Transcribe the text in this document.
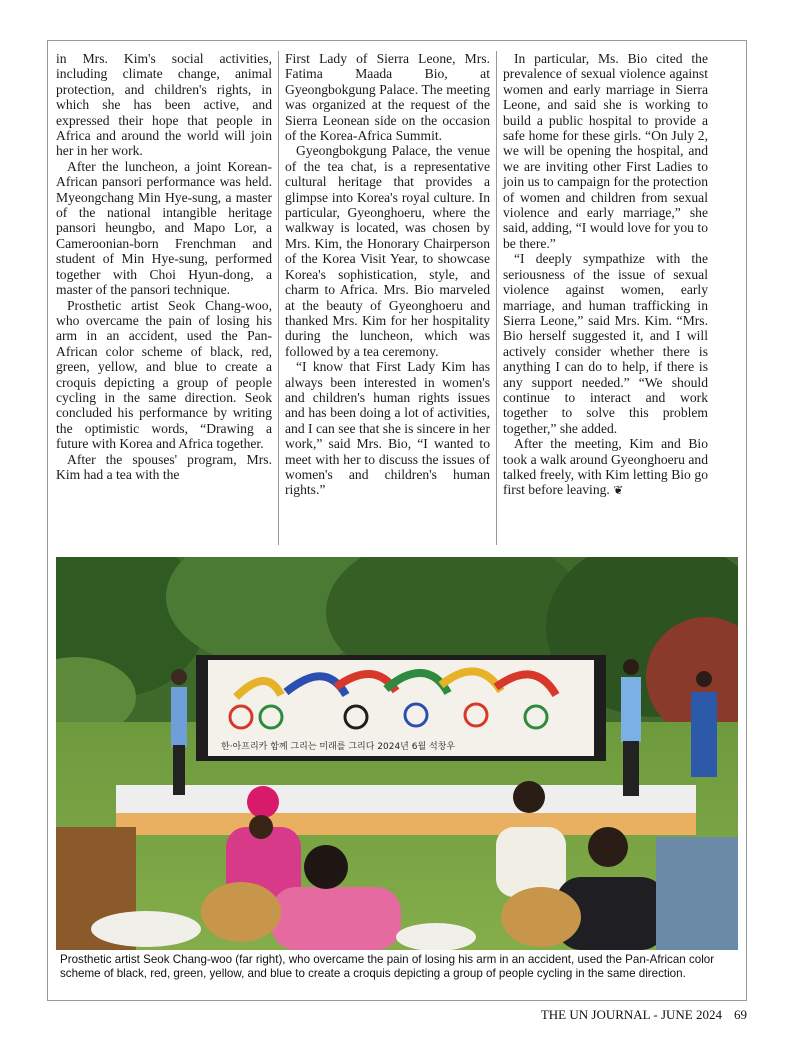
in Mrs. Kim's social activities, including climate change, animal protection, and children's rights, in which she has been active, and expressed their hope that people in Africa and around the world will join her in her work.

After the luncheon, a joint Korean-African pansori performance was held. Myeongchang Min Hye-sung, a master of the national intangible heritage pansori heungbo, and Mapo Lor, a Cameroonian-born Frenchman and student of Min Hye-sung, performed together with Choi Hyun-dong, a master of the pansori technique.

Prosthetic artist Seok Chang-woo, who overcame the pain of losing his arm in an accident, used the Pan-African color scheme of black, red, green, yellow, and blue to create a croquis depicting a group of people cycling in the same direction. Seok concluded his performance by writing the optimistic words, “Drawing a future with Korea and Africa together.

After the spouses' program, Mrs. Kim had a tea with the

First Lady of Sierra Leone, Mrs. Fatima Maada Bio, at Gyeongbokgung Palace. The meeting was organized at the request of the Sierra Leonean side on the occasion of the Korea-Africa Summit.

Gyeongbokgung Palace, the venue of the tea chat, is a representative cultural heritage that provides a glimpse into Korea's royal culture. In particular, Gyeonghoeru, where the walkway is located, was chosen by Mrs. Kim, the Honorary Chairperson of the Korea Visit Year, to showcase Korea's sophistication, style, and charm to Africa. Mrs. Bio marveled at the beauty of Gyeonghoeru and thanked Mrs. Kim for her hospitality during the luncheon, which was followed by a tea ceremony.

“I know that First Lady Kim has always been interested in women's and children's human rights issues and has been doing a lot of activities, and I can see that she is sincere in her work,” said Mrs. Bio, “I wanted to meet with her to discuss the issues of women's and children's human rights.”

In particular, Ms. Bio cited the prevalence of sexual violence against women and early marriage in Sierra Leone, and said she is working to build a public hospital to provide a safe home for these girls. “On July 2, we will be opening the hospital, and we are inviting other First Ladies to join us to campaign for the protection of women and children from sexual violence and early marriage,” she said, adding, “I would love for you to be there.”

“I deeply sympathize with the seriousness of the issue of sexual violence against women, early marriage, and human trafficking in Sierra Leone,” said Mrs. Kim. “Mrs. Bio herself suggested it, and I will actively consider whether there is anything I can do to help, if there is any support needed.” “We should continue to interact and work together to solve this problem together,” she added.

After the meeting, Kim and Bio took a walk around Gyeonghoeru and talked freely, with Kim letting Bio go first before leaving. ❦

한·아프리카 함께 그리는 미래를 그리다 2024년 6월 석창우
Prosthetic artist Seok Chang-woo (far right), who overcame the pain of losing his arm in an accident, used the Pan-African color scheme of black, red, green, yellow, and blue to create a croquis depicting a group of people cycling in the same direction.
THE UN JOURNAL - JUNE 2024 69
